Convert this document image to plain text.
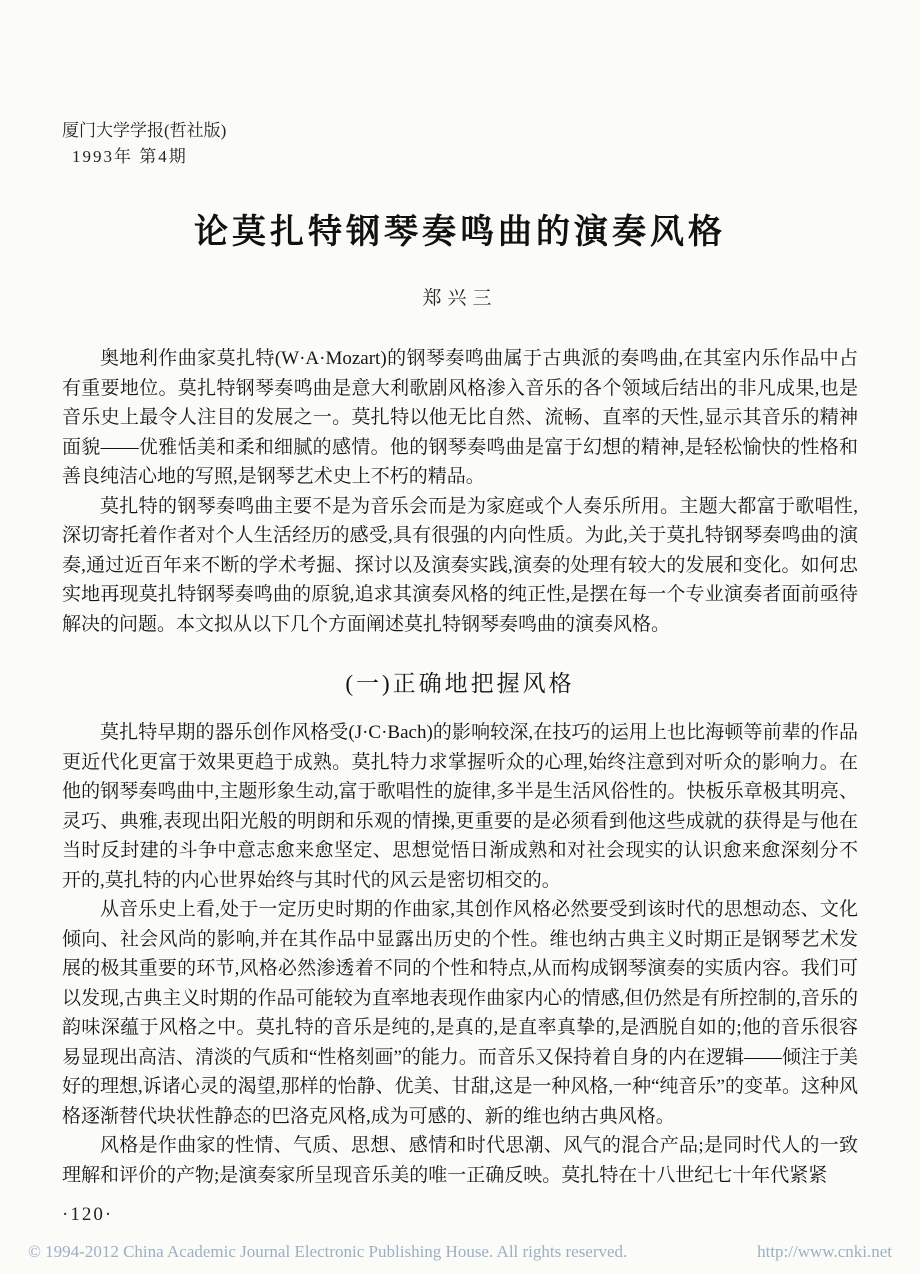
厦门大学学报(哲社版)
1993年 第4期
论莫扎特钢琴奏鸣曲的演奏风格
郑兴三

奥地利作曲家莫扎特(W·A·Mozart)的钢琴奏鸣曲属于古典派的奏鸣曲,在其室内乐作品中占有重要地位。莫扎特钢琴奏鸣曲是意大利歌剧风格渗入音乐的各个领域后结出的非凡成果,也是音乐史上最令人注目的发展之一。莫扎特以他无比自然、流畅、直率的天性,显示其音乐的精神面貌——优雅恬美和柔和细腻的感情。他的钢琴奏鸣曲是富于幻想的精神,是轻松愉快的性格和善良纯洁心地的写照,是钢琴艺术史上不朽的精品。

莫扎特的钢琴奏鸣曲主要不是为音乐会而是为家庭或个人奏乐所用。主题大都富于歌唱性,深切寄托着作者对个人生活经历的感受,具有很强的内向性质。为此,关于莫扎特钢琴奏鸣曲的演奏,通过近百年来不断的学术考掘、探讨以及演奏实践,演奏的处理有较大的发展和变化。如何忠实地再现莫扎特钢琴奏鸣曲的原貌,追求其演奏风格的纯正性,是摆在每一个专业演奏者面前亟待解决的问题。本文拟从以下几个方面阐述莫扎特钢琴奏鸣曲的演奏风格。

(一)正确地把握风格

莫扎特早期的器乐创作风格受(J·C·Bach)的影响较深,在技巧的运用上也比海顿等前辈的作品更近代化更富于效果更趋于成熟。莫扎特力求掌握听众的心理,始终注意到对听众的影响力。在他的钢琴奏鸣曲中,主题形象生动,富于歌唱性的旋律,多半是生活风俗性的。快板乐章极其明亮、灵巧、典雅,表现出阳光般的明朗和乐观的情操,更重要的是必须看到他这些成就的获得是与他在当时反封建的斗争中意志愈来愈坚定、思想觉悟日渐成熟和对社会现实的认识愈来愈深刻分不开的,莫扎特的内心世界始终与其时代的风云是密切相交的。

从音乐史上看,处于一定历史时期的作曲家,其创作风格必然要受到该时代的思想动态、文化倾向、社会风尚的影响,并在其作品中显露出历史的个性。维也纳古典主义时期正是钢琴艺术发展的极其重要的环节,风格必然渗透着不同的个性和特点,从而构成钢琴演奏的实质内容。我们可以发现,古典主义时期的作品可能较为直率地表现作曲家内心的情感,但仍然是有所控制的,音乐的韵味深蕴于风格之中。莫扎特的音乐是纯的,是真的,是直率真挚的,是洒脱自如的;他的音乐很容易显现出高洁、清淡的气质和“性格刻画”的能力。而音乐又保持着自身的内在逻辑——倾注于美好的理想,诉诸心灵的渴望,那样的怡静、优美、甘甜,这是一种风格,一种“纯音乐”的变革。这种风格逐渐替代块状性静态的巴洛克风格,成为可感的、新的维也纳古典风格。

风格是作曲家的性情、气质、思想、感情和时代思潮、风气的混合产品;是同时代人的一致理解和评价的产物;是演奏家所呈现音乐美的唯一正确反映。莫扎特在十八世纪七十年代紧紧

·120·
© 1994-2012 China Academic Journal Electronic Publishing House. All rights reserved.	http://www.cnki.net
